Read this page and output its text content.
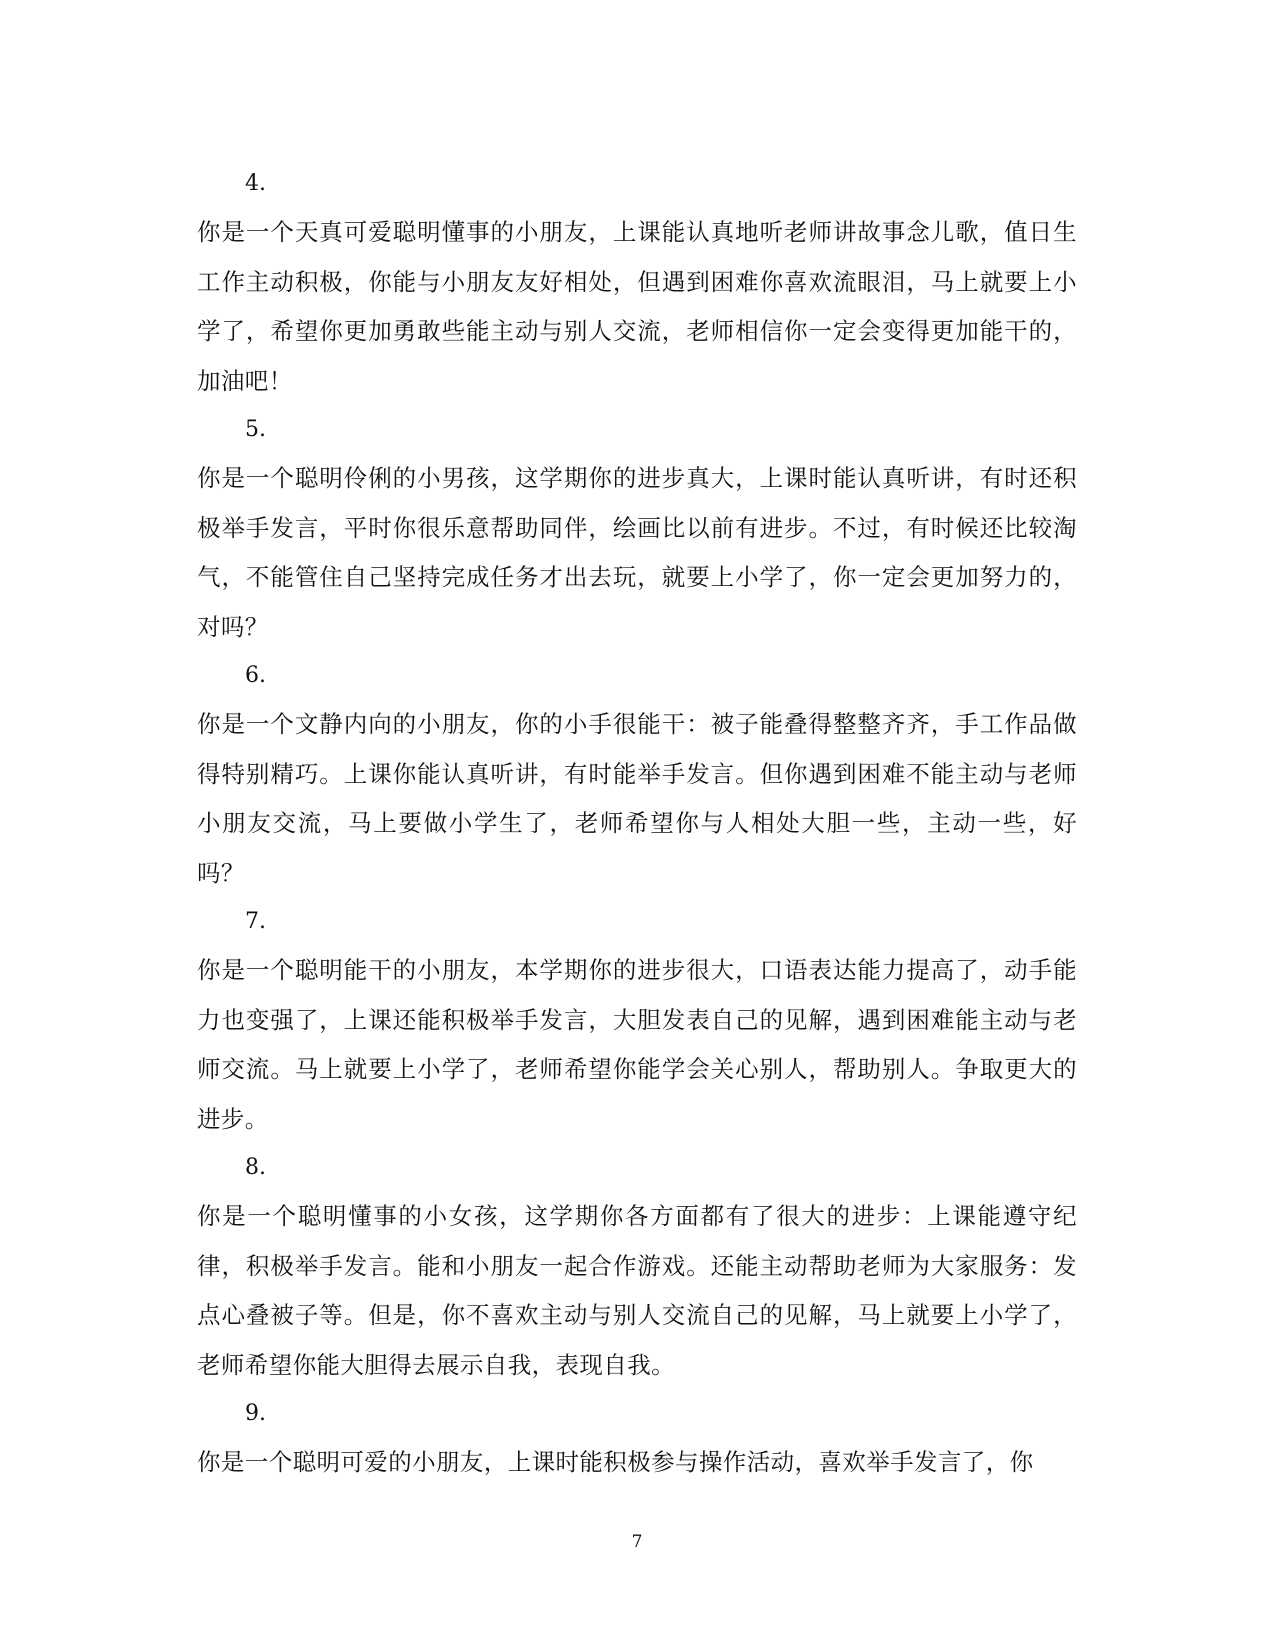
4.
你是一个天真可爱聪明懂事的小朋友，上课能认真地听老师讲故事念儿歌，值日生工作主动积极，你能与小朋友友好相处，但遇到困难你喜欢流眼泪，马上就要上小学了，希望你更加勇敢些能主动与别人交流，老师相信你一定会变得更加能干的，加油吧！
5.
你是一个聪明伶俐的小男孩，这学期你的进步真大，上课时能认真听讲，有时还积极举手发言，平时你很乐意帮助同伴，绘画比以前有进步。不过，有时候还比较淘气，不能管住自己坚持完成任务才出去玩，就要上小学了，你一定会更加努力的，对吗？
6.
你是一个文静内向的小朋友，你的小手很能干：被子能叠得整整齐齐，手工作品做得特别精巧。上课你能认真听讲，有时能举手发言。但你遇到困难不能主动与老师小朋友交流，马上要做小学生了，老师希望你与人相处大胆一些，主动一些，好吗？
7.
你是一个聪明能干的小朋友，本学期你的进步很大，口语表达能力提高了，动手能力也变强了，上课还能积极举手发言，大胆发表自己的见解，遇到困难能主动与老师交流。马上就要上小学了，老师希望你能学会关心别人，帮助别人。争取更大的进步。
8.
你是一个聪明懂事的小女孩，这学期你各方面都有了很大的进步：上课能遵守纪律，积极举手发言。能和小朋友一起合作游戏。还能主动帮助老师为大家服务：发点心叠被子等。但是，你不喜欢主动与别人交流自己的见解，马上就要上小学了，老师希望你能大胆得去展示自我，表现自我。
9.
你是一个聪明可爱的小朋友，上课时能积极参与操作活动，喜欢举手发言了，你
7
